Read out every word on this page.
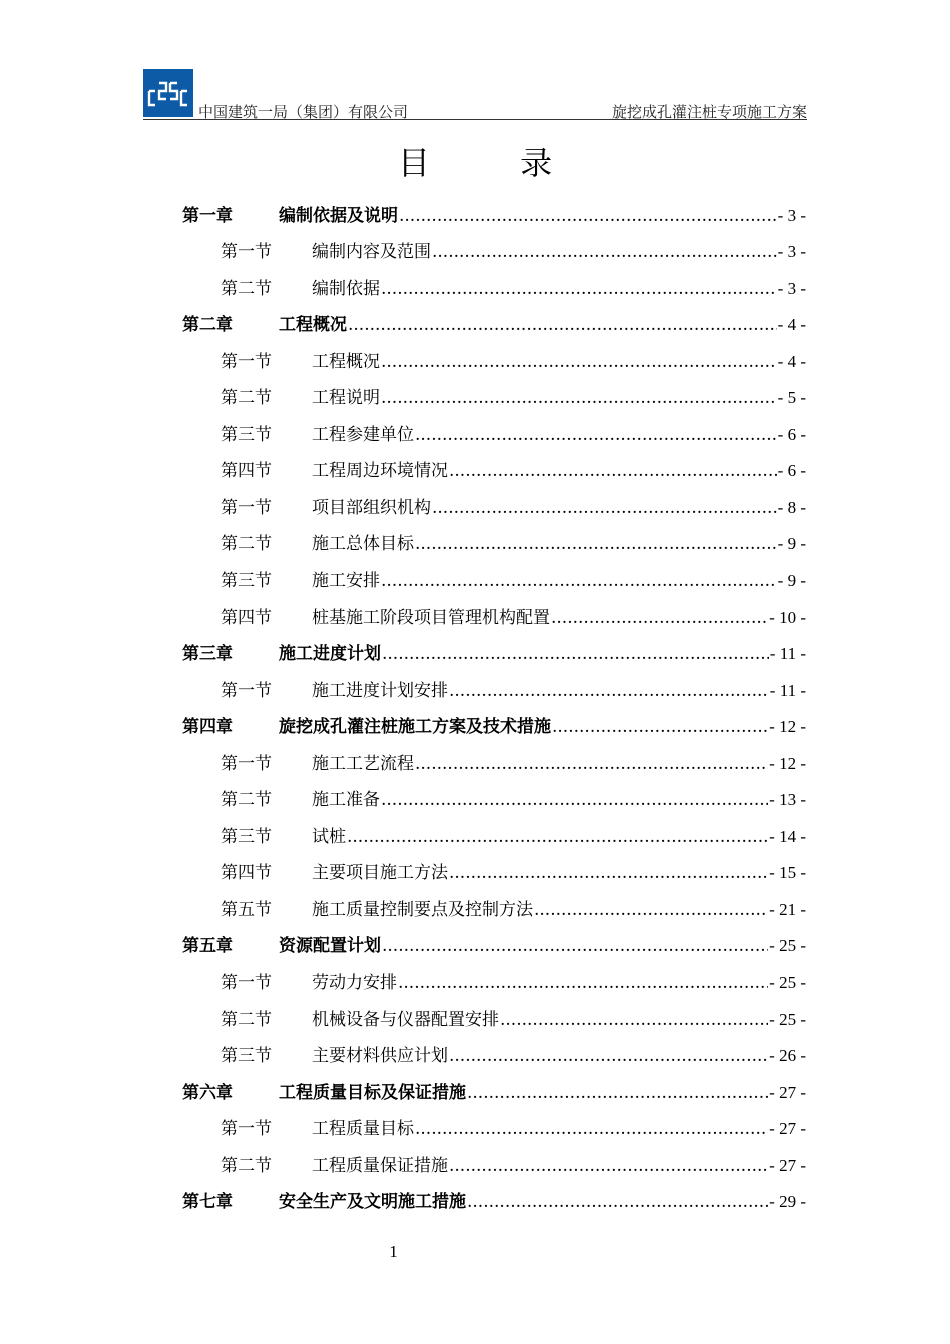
中国建筑一局（集团）有限公司	旋挖成孔灌注桩专项施工方案
目 录
第一章	编制依据及说明 .....	- 3 -
第一节	编制内容及范围 .....	- 3 -
第二节	编制依据 .....	- 3 -
第二章	工程概况 .....	- 4 -
第一节	工程概况 .....	- 4 -
第二节	工程说明 .....	- 5 -
第三节	工程参建单位 .....	- 6 -
第四节	工程周边环境情况 .....	- 6 -
第一节	项目部组织机构 .....	- 8 -
第二节	施工总体目标 .....	- 9 -
第三节	施工安排 .....	- 9 -
第四节	桩基施工阶段项目管理机构配置 .....	- 10 -
第三章	施工进度计划 .....	- 11 -
第一节	施工进度计划安排 .....	- 11 -
第四章	旋挖成孔灌注桩施工方案及技术措施 .....	- 12 -
第一节	施工工艺流程 .....	- 12 -
第二节	施工准备 .....	- 13 -
第三节	试桩 .....	- 14 -
第四节	主要项目施工方法 .....	- 15 -
第五节	施工质量控制要点及控制方法 .....	- 21 -
第五章	资源配置计划 .....	- 25 -
第一节	劳动力安排 .....	- 25 -
第二节	机械设备与仪器配置安排 .....	- 25 -
第三节	主要材料供应计划 .....	- 26 -
第六章	工程质量目标及保证措施 .....	- 27 -
第一节	工程质量目标 .....	- 27 -
第二节	工程质量保证措施 .....	- 27 -
第七章	安全生产及文明施工措施 .....	- 29 -
1
